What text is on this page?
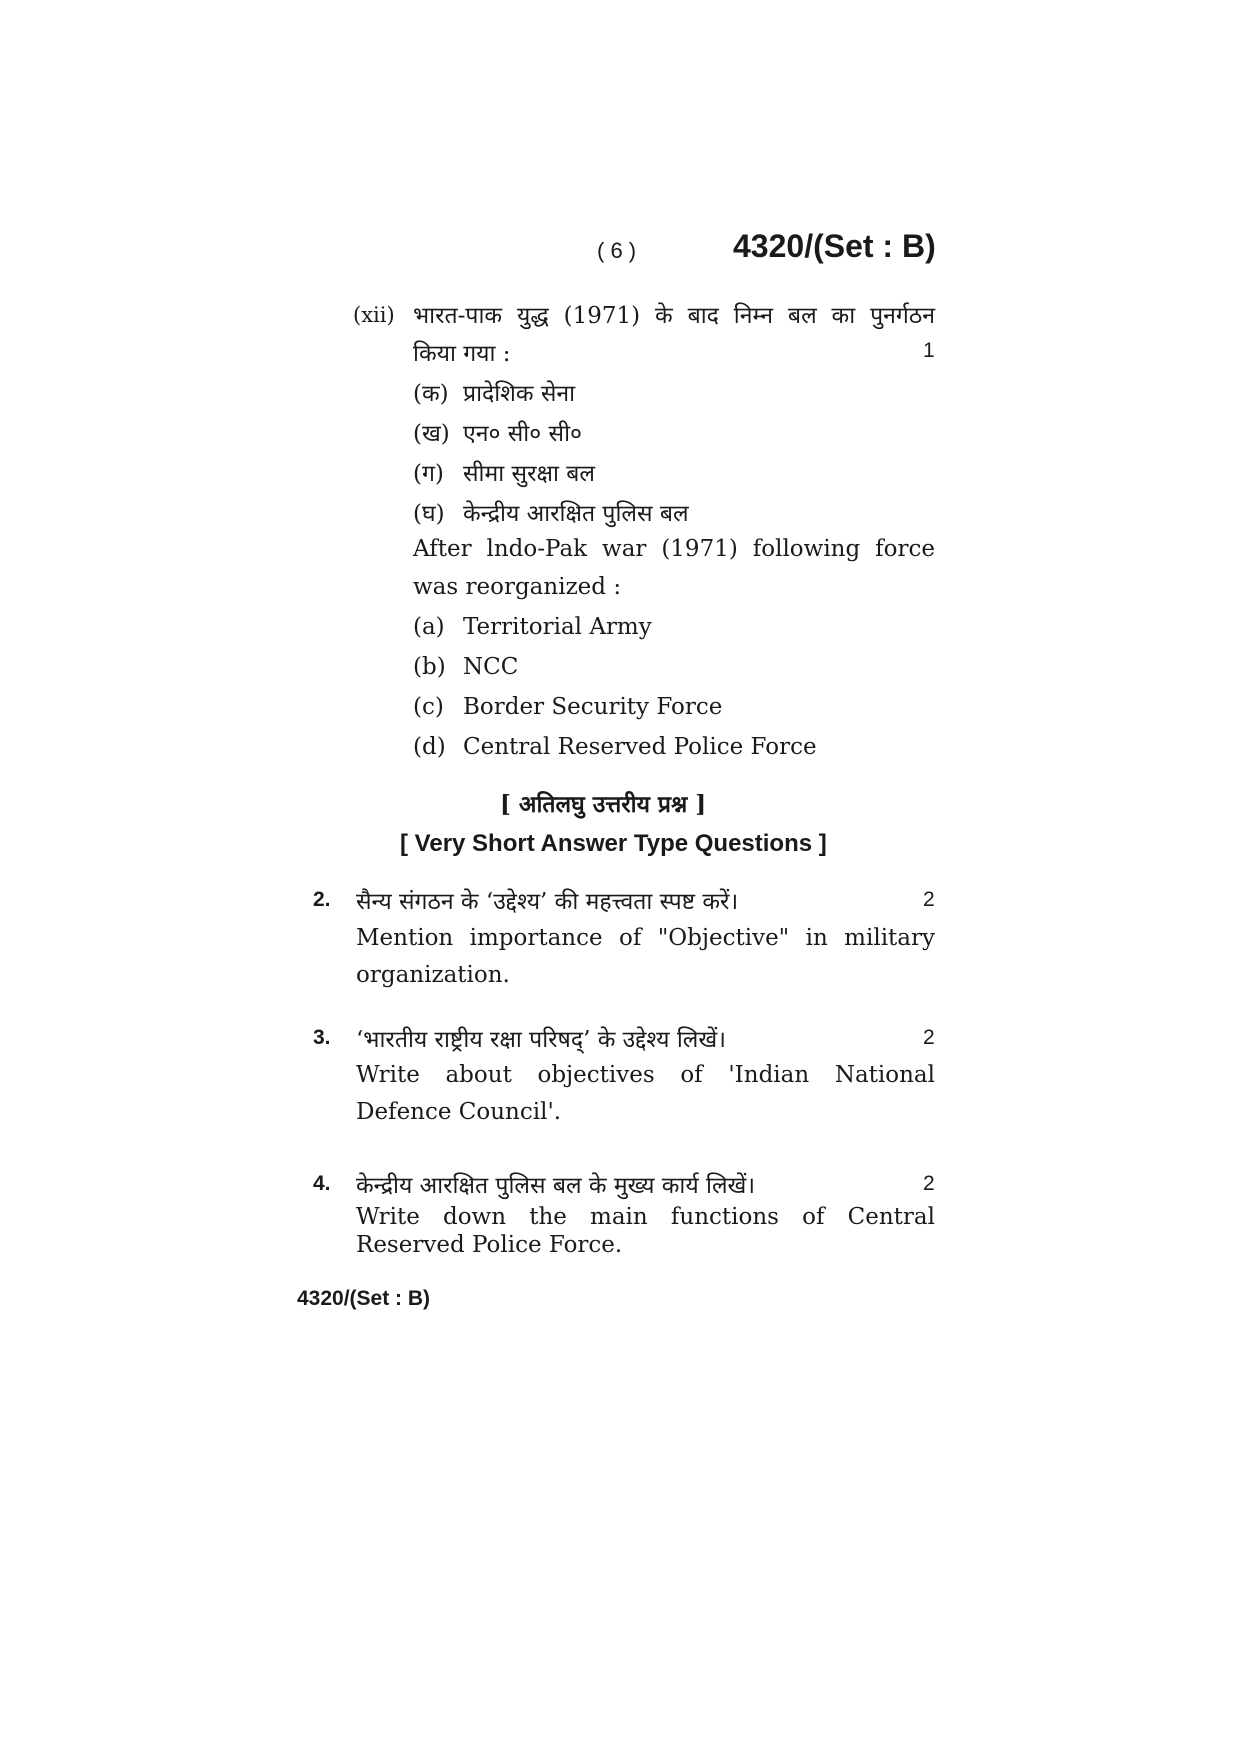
( 6 )	4320/(Set : B)
(xii) भारत-पाक युद्ध (1971) के बाद निम्न बल का पुनर्गठन
किया गया :	1
(क) प्रादेशिक सेना
(ख) एन० सी० सी०
(ग) सीमा सुरक्षा बल
(घ) केन्द्रीय आरक्षित पुलिस बल
After lndo-Pak war (1971) following force
was reorganized :
(a) Territorial Army
(b) NCC
(c) Border Security Force
(d) Central Reserved Police Force
[ अतिलघु उत्तरीय प्रश्न ]
[ Very Short Answer Type Questions ]
2. सैन्य संगठन के ‘उद्देश्य’ की महत्त्वता स्पष्ट करें।	2
Mention importance of "Objective" in military
organization.
3. ‘भारतीय राष्ट्रीय रक्षा परिषद्’ के उद्देश्य लिखें।	2
Write about objectives of 'Indian National
Defence Council'.
4. केन्द्रीय आरक्षित पुलिस बल के मुख्य कार्य लिखें।	2
Write down the main functions of Central
Reserved Police Force.
4320/(Set : B)
